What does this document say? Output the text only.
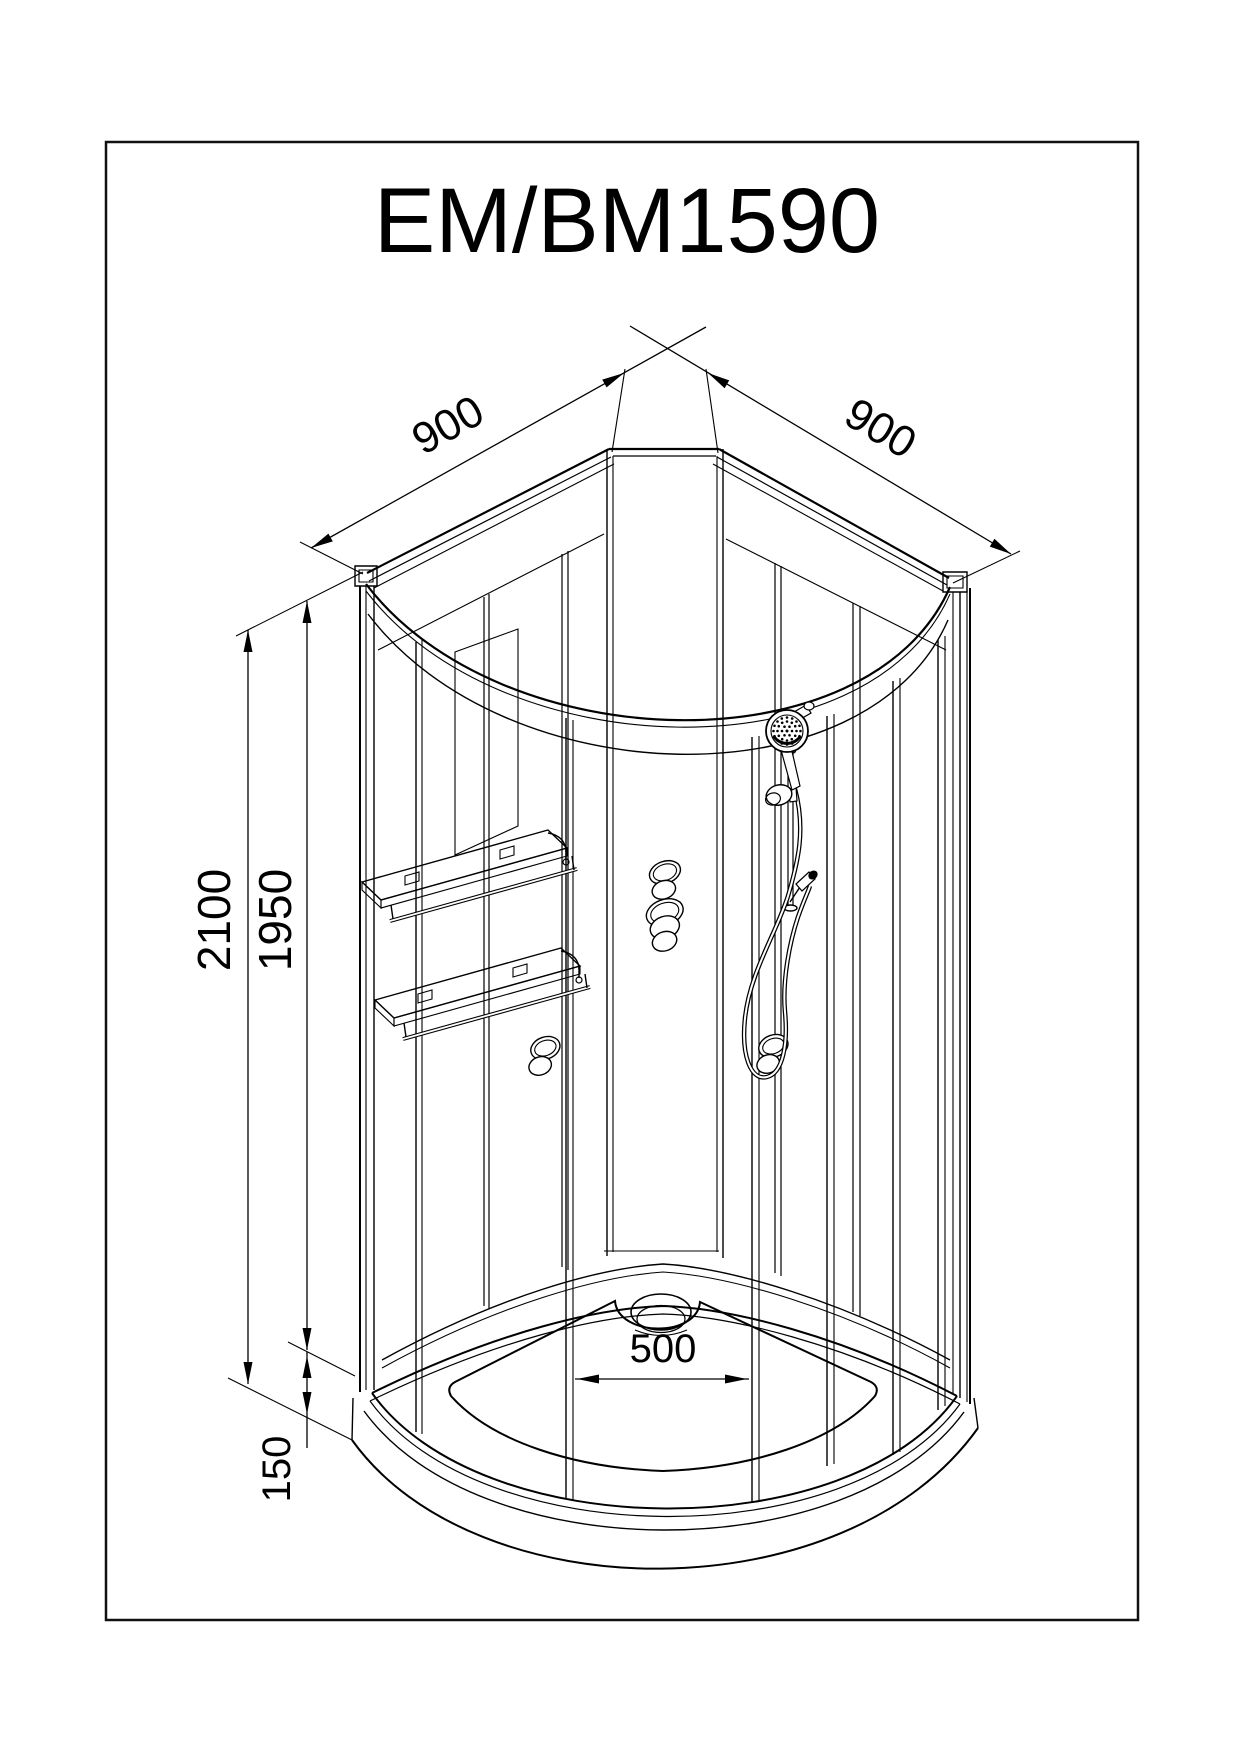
EM/BM1590
900	900
2100 1950
150
500
